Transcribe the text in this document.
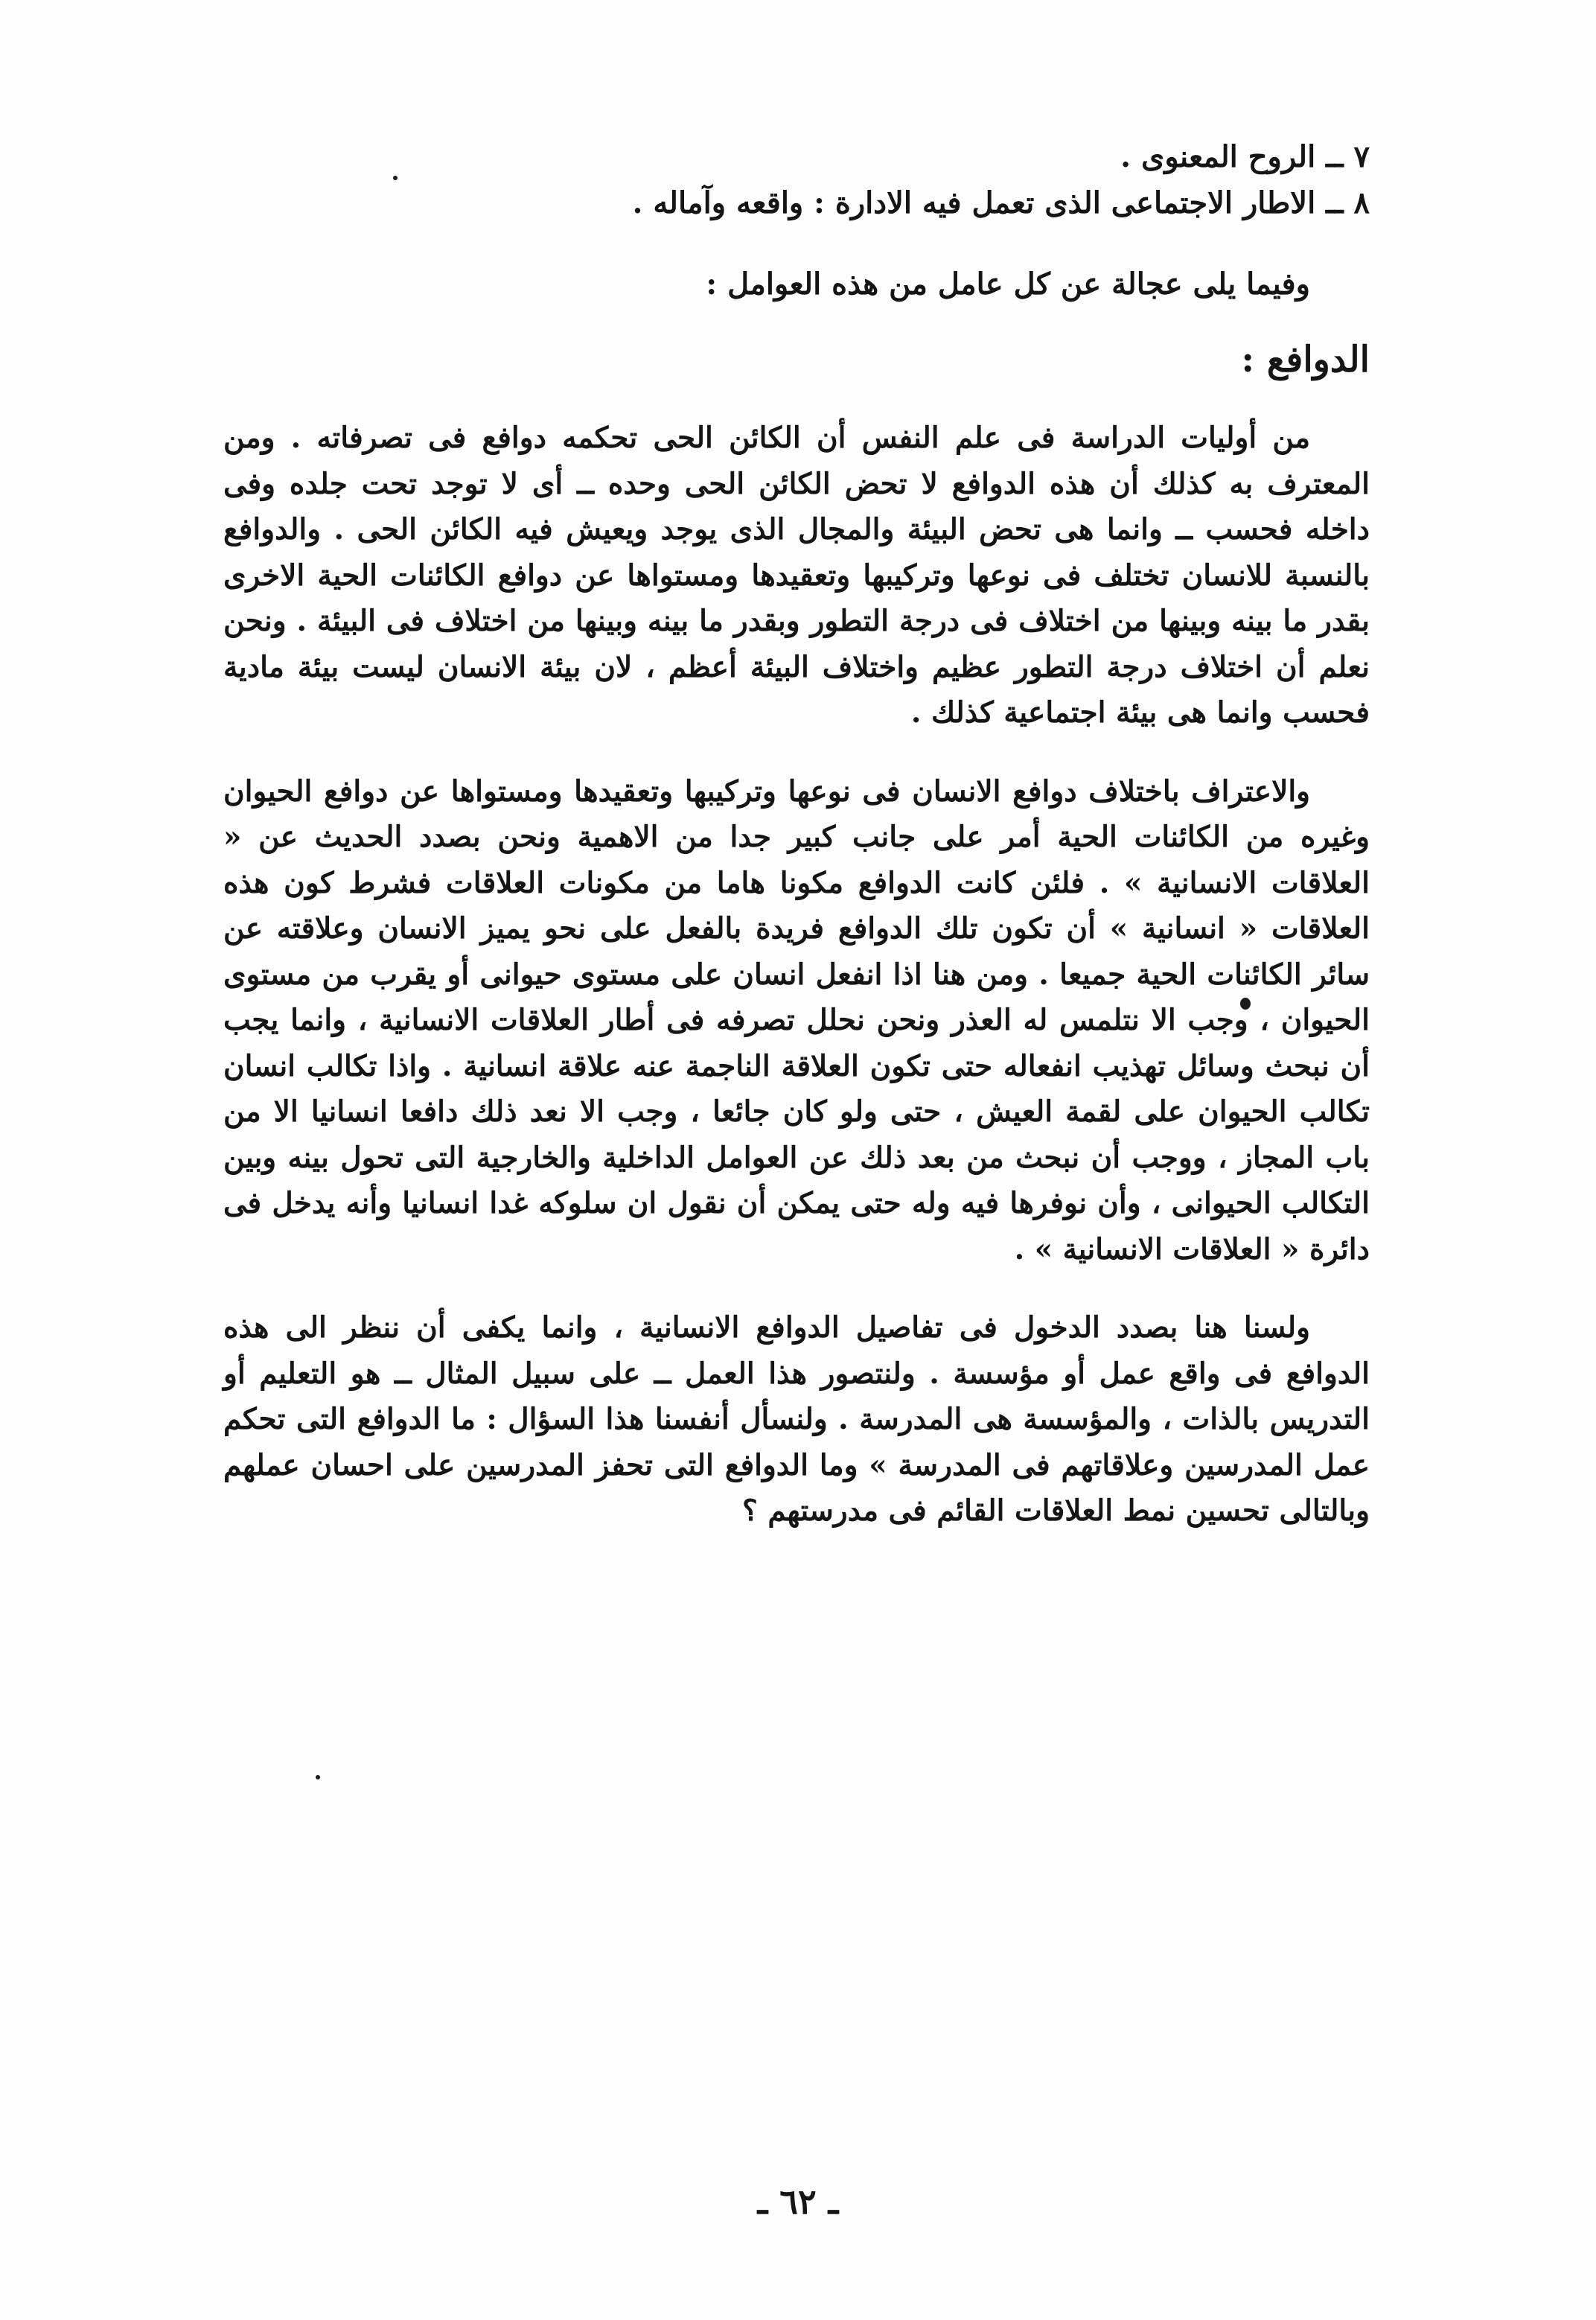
٧ ــ الروح المعنوى .

٨ ــ الاطار الاجتماعى الذى تعمل فيه الادارة : واقعه وآماله .

وفيما يلى عجالة عن كل عامل من هذه العوامل :

الدوافع :

من أوليات الدراسة فى علم النفس أن الكائن الحى تحكمه دوافع فى تصرفاته . ومن المعترف به كذلك أن هذه الدوافع لا تحض الكائن الحى وحده ــ أى لا توجد تحت جلده وفى داخله فحسب ــ وانما هى تحض البيئة والمجال الذى يوجد ويعيش فيه الكائن الحى . والدوافع بالنسبة للانسان تختلف فى نوعها وتركيبها وتعقيدها ومستواها عن دوافع الكائنات الحية الاخرى بقدر ما بينه وبينها من اختلاف فى درجة التطور وبقدر ما بينه وبينها من اختلاف فى البيئة . ونحن نعلم أن اختلاف درجة التطور عظيم واختلاف البيئة أعظم ، لان بيئة الانسان ليست بيئة مادية فحسب وانما هى بيئة اجتماعية كذلك .

والاعتراف باختلاف دوافع الانسان فى نوعها وتركيبها وتعقيدها ومستواها عن دوافع الحيوان وغيره من الكائنات الحية أمر على جانب كبير جدا من الاهمية ونحن بصدد الحديث عن « العلاقات الانسانية » . فلئن كانت الدوافع مكونا هاما من مكونات العلاقات فشرط كون هذه العلاقات « انسانية » أن تكون تلك الدوافع فريدة بالفعل على نحو يميز الانسان وعلاقته عن سائر الكائنات الحية جميعا . ومن هنا اذا انفعل انسان على مستوى حيوانى أو يقرب من مستوى الحيوان ، وجب الا نتلمس له العذر ونحن نحلل تصرفه فى أطار العلاقات الانسانية ، وانما يجب أن نبحث وسائل تهذيب انفعاله حتى تكون العلاقة الناجمة عنه علاقة انسانية . واذا تكالب انسان تكالب الحيوان على لقمة العيش ، حتى ولو كان جائعا ، وجب الا نعد ذلك دافعا انسانيا الا من باب المجاز ، ووجب أن نبحث من بعد ذلك عن العوامل الداخلية والخارجية التى تحول بينه وبين التكالب الحيوانى ، وأن نوفرها فيه وله حتى يمكن أن نقول ان سلوكه غدا انسانيا وأنه يدخل فى دائرة « العلاقات الانسانية » .

ولسنا هنا بصدد الدخول فى تفاصيل الدوافع الانسانية ، وانما يكفى أن ننظر الى هذه الدوافع فى واقع عمل أو مؤسسة . ولنتصور هذا العمل ــ على سبيل المثال ــ هو التعليم أو التدريس بالذات ، والمؤسسة هى المدرسة . ولنسأل أنفسنا هذا السؤال : ما الدوافع التى تحكم عمل المدرسين وعلاقاتهم فى المدرسة » وما الدوافع التى تحفز المدرسين على احسان عملهم وبالتالى تحسين نمط العلاقات القائم فى مدرستهم ؟

ـ ٦٢ ـ
